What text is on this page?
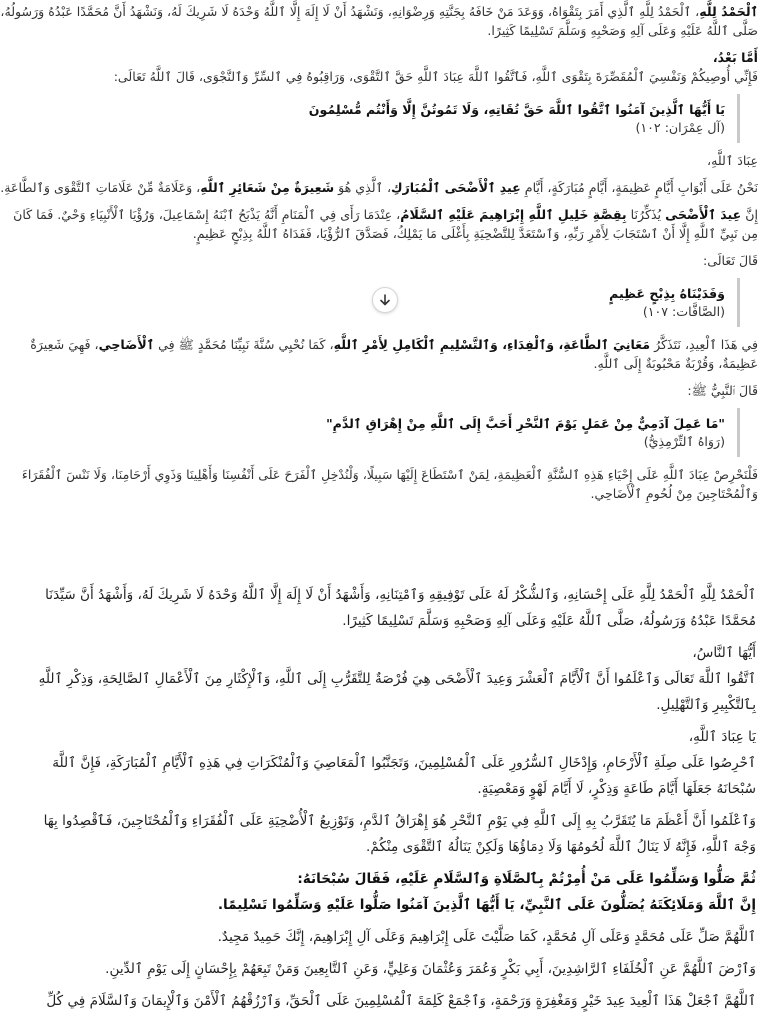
ٱلْحَمْدُ لِلَّهِ، ٱلْحَمْدُ لِلَّهِ ٱلَّذِي أَمَرَ بِتَقْوَاهُ، وَوَعَدَ مَنْ خَافَهُ بِجَنَّتِهِ وَرِضْوَانِهِ، وَنَشْهَدُ أَنْ لَا إِلَهَ إِلَّا ٱللَّهُ وَحْدَهُ لَا شَرِيكَ لَهُ، وَنَشْهَدُ أَنَّ مُحَمَّدًا عَبْدُهُ وَرَسُولُهُ، صَلَّى ٱللَّهُ عَلَيْهِ وَعَلَى آلِهِ وَصَحْبِهِ وَسَلَّمَ تَسْلِيمًا كَثِيرًا.

أَمَّا بَعْدُ،

فَإِنِّي أُوصِيكُمْ وَنَفْسِيَ ٱلْمُقَصِّرَةَ بِتَقْوَى ٱللَّهِ، فَٱتَّقُوا ٱللَّهَ عِبَادَ ٱللَّهِ حَقَّ ٱلتَّقْوَى، وَرَاقِبُوهُ فِي ٱلسِّرِّ وَٱلنَّجْوَى، قَالَ ٱللَّهُ تَعَالَى:

يَا أَيُّهَا ٱلَّذِينَ آمَنُوا ٱتَّقُوا ٱللَّهَ حَقَّ تُقَاتِهِ، وَلَا تَمُوتُنَّ إِلَّا وَأَنْتُم مُّسْلِمُونَ
(آل عِمْرَان: ١٠٢)

عِبَادَ ٱللَّهِ،

نَحْنُ عَلَى أَبْوَابِ أَيَّامٍ عَظِيمَةٍ، أَيَّامٍ مُبَارَكَةٍ، أَيَّامِ عِيدِ ٱلْأَضْحَى ٱلْمُبَارَكِ، ٱلَّذِي هُوَ شَعِيرَةٌ مِنْ شَعَائِرِ ٱللَّهِ، وَعَلَامَةٌ مِّنْ عَلَامَاتِ ٱلتَّقْوَى وَٱلطَّاعَةِ.

إِنَّ عِيدَ ٱلْأَضْحَى يُذَكِّرُنَا بِقِصَّةِ خَلِيلِ ٱللَّهِ إِبْرَاهِيمَ عَلَيْهِ ٱلسَّلَامُ، عِنْدَمَا رَأَى فِي ٱلْمَنَامِ أَنَّهُ يَذْبَحُ ٱبْنَهُ إِسْمَاعِيلَ، وَرُؤْيَا ٱلْأَنْبِيَاءِ وَحْيٌ. فَمَا كَانَ مِن نَبِيِّ ٱللَّهِ إِلَّا أَنْ ٱسْتَجَابَ لِأَمْرِ رَبِّهِ، وَٱسْتَعَدَّ لِلتَّضْحِيَةِ بِأَغْلَى مَا يَمْلِكُ، فَصَدَّقَ ٱلرُّؤْيَا، فَفَدَاهُ ٱللَّهُ بِذِبْحٍ عَظِيمٍ.

قَالَ تَعَالَى:

وَفَدَيْنَاهُ بِذِبْحٍ عَظِيمٍ
(الصَّافَّات: ١٠٧)

فِي هَذَا ٱلْعِيدِ، نَتَذَكَّرُ مَعَانِيَ ٱلطَّاعَةِ، وَٱلْفِدَاءِ، وَٱلتَّسْلِيمِ ٱلْكَامِلِ لِأَمْرِ ٱللَّهِ، كَمَا نُحْيِي سُنَّةَ نَبِيِّنَا مُحَمَّدٍ ﷺ فِي ٱلْأَضَاحِي، فَهِيَ شَعِيرَةٌ عَظِيمَةٌ، وَقُرْبَةٌ مَحْبُوبَةٌ إِلَى ٱللَّهِ.

قَالَ ٱلنَّبِيُّ ﷺ:

"مَا عَمِلَ آدَمِيٌّ مِنْ عَمَلٍ يَوْمَ ٱلنَّحْرِ أَحَبَّ إِلَى ٱللَّهِ مِنْ إِهْرَاقِ ٱلدَّمِ"
(رَوَاهُ ٱلتِّرْمِذِيُّ)

فَلْنَحْرِصْ عِبَادَ ٱللَّهِ عَلَى إِحْيَاءِ هَذِهِ ٱلسُّنَّةِ ٱلْعَظِيمَةِ، لِمَنْ ٱسْتَطَاعَ إِلَيْهَا سَبِيلًا، وَلْنُدْخِلِ ٱلْفَرَحَ عَلَى أَنْفُسِنَا وَأَهْلِينَا وَذَوِي أَرْحَامِنَا، وَلَا نَنْسَ ٱلْفُقَرَاءَ وَٱلْمُحْتَاجِينَ مِنْ لُحُومِ ٱلْأَضَاحِي.

ٱلْحَمْدُ لِلَّهِ ٱلْحَمْدُ لِلَّهِ عَلَى إِحْسَانِهِ، وَٱلشُّكْرُ لَهُ عَلَى تَوْفِيقِهِ وَٱمْتِنَانِهِ، وَأَشْهَدُ أَنْ لَا إِلَهَ إِلَّا ٱللَّهُ وَحْدَهُ لَا شَرِيكَ لَهُ، وَأَشْهَدُ أَنَّ سَيِّدَنَا مُحَمَّدًا عَبْدُهُ وَرَسُولُهُ، صَلَّى ٱللَّهُ عَلَيْهِ وَعَلَى آلِهِ وَصَحْبِهِ وَسَلَّمَ تَسْلِيمًا كَثِيرًا.

أَيُّهَا ٱلنَّاسُ،

ٱتَّقُوا ٱللَّهَ تَعَالَى وَٱعْلَمُوا أَنَّ ٱلْأَيَّامَ ٱلْعَشْرَ وَعِيدَ ٱلْأَضْحَى هِيَ فُرْصَةٌ لِلتَّقَرُّبِ إِلَى ٱللَّهِ، وَٱلْإِكْثَارِ مِنَ ٱلْأَعْمَالِ ٱلصَّالِحَةِ، وَذِكْرِ ٱللَّهِ بِٱلتَّكْبِيرِ وَٱلتَّهْلِيلِ.

يَا عِبَادَ ٱللَّهِ،

ٱحْرِصُوا عَلَى صِلَةِ ٱلْأَرْحَامِ، وَإِدْخَالِ ٱلسُّرُورِ عَلَى ٱلْمُسْلِمِينَ، وَتَجَنَّبُوا ٱلْمَعَاصِيَ وَٱلْمُنْكَرَاتِ فِي هَذِهِ ٱلْأَيَّامِ ٱلْمُبَارَكَةِ، فَإِنَّ ٱللَّهَ سُبْحَانَهُ جَعَلَهَا أَيَّامَ طَاعَةٍ وَذِكْرٍ، لَا أَيَّامَ لَهْوٍ وَمَعْصِيَةٍ.

وَٱعْلَمُوا أَنَّ أَعْظَمَ مَا يُتَقَرَّبُ بِهِ إِلَى ٱللَّهِ فِي يَوْمِ ٱلنَّحْرِ هُوَ إِهْرَاقُ ٱلدَّمِ، وَتَوْزِيعُ ٱلْأُضْحِيَةِ عَلَى ٱلْفُقَرَاءِ وَٱلْمُحْتَاجِينَ، فَٱقْصِدُوا بِهَا وَجْهَ ٱللَّهِ، فَإِنَّهُ لَا يَنَالُ ٱللَّهَ لُحُومُهَا وَلَا دِمَاؤُهَا وَلَكِنْ يَنَالُهُ ٱلتَّقْوَى مِنْكُمْ.

ثُمَّ صَلُّوا وَسَلِّمُوا عَلَى مَنْ أُمِرْتُمْ بِٱلصَّلَاةِ وَٱلسَّلَامِ عَلَيْهِ، فَقَالَ سُبْحَانَهُ:

إِنَّ ٱللَّهَ وَمَلَائِكَتَهُ يُصَلُّونَ عَلَى ٱلنَّبِيِّ، يَا أَيُّهَا ٱلَّذِينَ آمَنُوا صَلُّوا عَلَيْهِ وَسَلِّمُوا تَسْلِيمًا.

ٱللَّهُمَّ صَلِّ عَلَى مُحَمَّدٍ وَعَلَى آلِ مُحَمَّدٍ، كَمَا صَلَّيْتَ عَلَى إِبْرَاهِيمَ وَعَلَى آلِ إِبْرَاهِيمَ، إِنَّكَ حَمِيدٌ مَجِيدٌ.

وَٱرْضَ ٱللَّهُمَّ عَنِ ٱلْخُلَفَاءِ ٱلرَّاشِدِينَ، أَبِي بَكْرٍ وَعُمَرَ وَعُثْمَانَ وَعَلِيٍّ، وَعَنِ ٱلتَّابِعِينَ وَمَنْ تَبِعَهُمْ بِإِحْسَانٍ إِلَى يَوْمِ ٱلدِّينِ.

ٱللَّهُمَّ ٱجْعَلْ هَذَا ٱلْعِيدَ عِيدَ خَيْرٍ وَمَغْفِرَةٍ وَرَحْمَةٍ، وَٱجْمَعْ كَلِمَةَ ٱلْمُسْلِمِينَ عَلَى ٱلْحَقِّ، وَٱرْزُقْهُمُ ٱلْأَمْنَ وَٱلْإِيمَانَ وَٱلسَّلَامَ فِي كُلِّ
